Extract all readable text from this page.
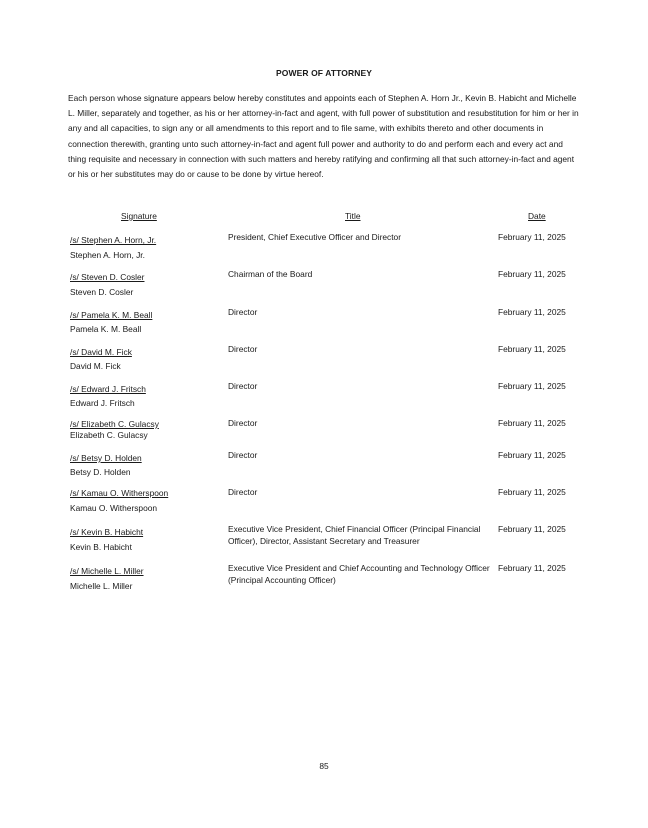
POWER OF ATTORNEY

Each person whose signature appears below hereby constitutes and appoints each of Stephen A. Horn Jr., Kevin B. Habicht and Michelle L. Miller, separately and together, as his or her attorney-in-fact and agent, with full power of substitution and resubstitution for him or her in any and all capacities, to sign any or all amendments to this report and to file same, with exhibits thereto and other documents in connection therewith, granting unto such attorney-in-fact and agent full power and authority to do and perform each and every act and thing requisite and necessary in connection with such matters and hereby ratifying and confirming all that such attorney-in-fact and agent or his or her substitutes may do or cause to be done by virtue hereof.

Signature	Title	Date
/s/ Stephen A. Horn, Jr.
Stephen A. Horn, Jr.
President, Chief Executive Officer and Director	February 11, 2025
/s/ Steven D. Cosler
Steven D. Cosler
Chairman of the Board	February 11, 2025
/s/ Pamela K. M. Beall
Pamela K. M. Beall
Director	February 11, 2025
/s/ David M. Fick
David M. Fick
Director	February 11, 2025
/s/ Edward J. Fritsch
Edward J. Fritsch
Director	February 11, 2025
/s/ Elizabeth C. Gulacsy
Elizabeth C. Gulacsy
Director	February 11, 2025
/s/ Betsy D. Holden
Betsy D. Holden
Director	February 11, 2025
/s/ Kamau O. Witherspoon
Kamau O. Witherspoon
Director	February 11, 2025
/s/ Kevin B. Habicht
Kevin B. Habicht
Executive Vice President, Chief Financial Officer (Principal Financial Officer), Director, Assistant Secretary and Treasurer
February 11, 2025
/s/ Michelle L. Miller
Michelle L. Miller
Executive Vice President and Chief Accounting and Technology Officer (Principal Accounting Officer)
February 11, 2025
85
